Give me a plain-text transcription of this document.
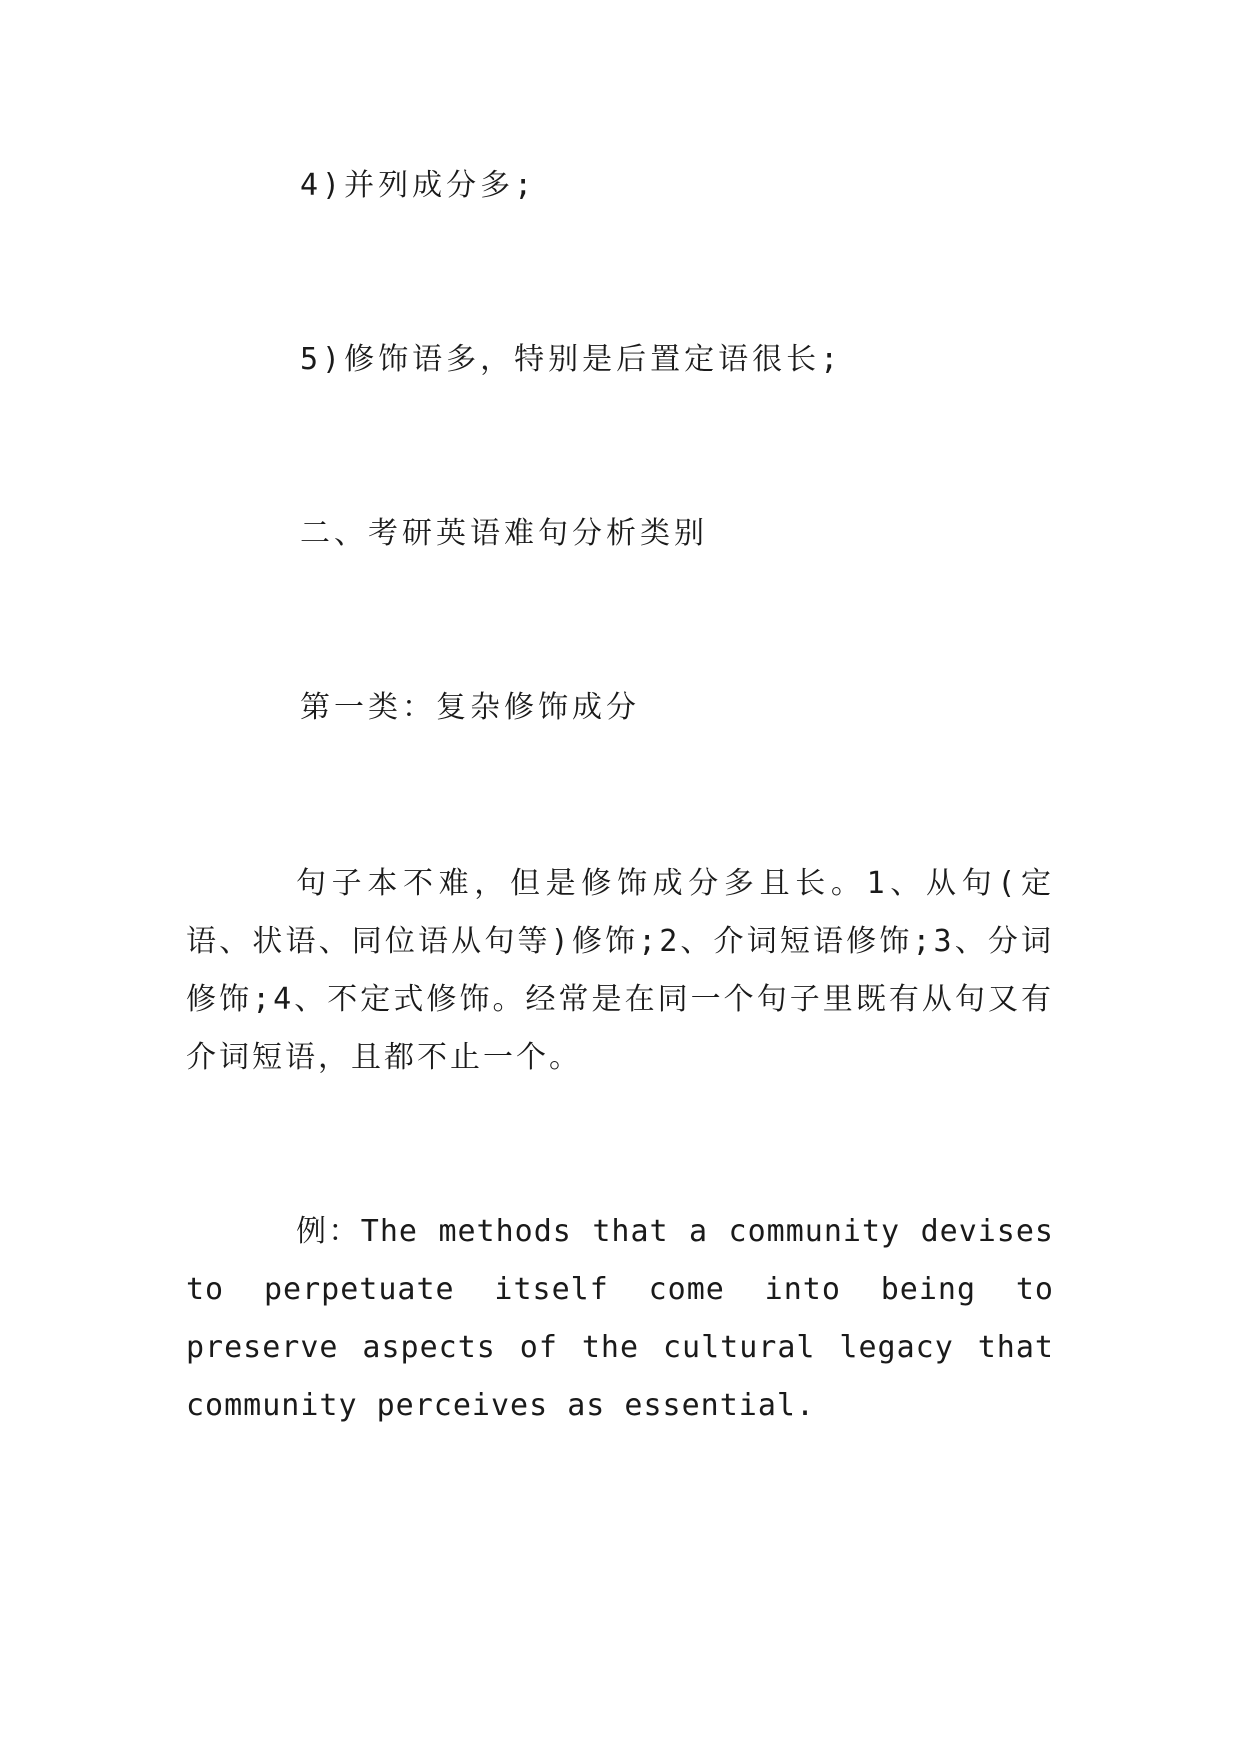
4)并列成分多;

5)修饰语多，特别是后置定语很长;

二、考研英语难句分析类别

第一类：复杂修饰成分

句子本不难，但是修饰成分多且长。1、从句(定语、状语、同位语从句等)修饰;2、介词短语修饰;3、分词修饰;4、不定式修饰。经常是在同一个句子里既有从句又有介词短语，且都不止一个。

例：The methods that a community devises to perpetuate itself come into being to preserve aspects of the cultural legacy that community perceives as essential.
